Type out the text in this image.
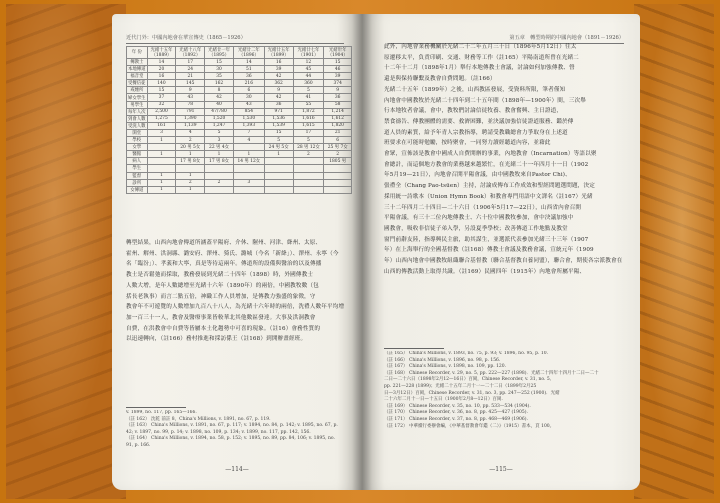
近代门外：中國內地會在華宣傳史（1865－1926）
年 份	光緒十五年（1889）	光緒十八年（1892）	光緒廿一年（1895）	光緒廿二年（1896）	光緒廿五年（1899）	光緒廿七年（1901）	光緒卅年（1904）
傳教士	14	17	15	14	16	12	15
本地傳道	20	24	30	51	39	45	46
福音堂	16	21	35	36	42	44	39
受餐信徒	140	145	162	216	362	360	374
戒煙所	15	9	8	6	9	5	9
婦女學生	37	43	42	30	42	41	36
男學生	32	78	40	43	36	55	58
每年人次	2,500	791	47/780	854	971	1,872	1,214
到會人數	1,275	1,390	1,520	1,530	1,536	1,616	1,612
受洗人數	161	1,139	1,247	1,393	1,539	1,615	1,820
開堂	3	4	5	7	15	17	21
學校	1	2	3	4	5	5	6
女學		20 男 5女	22 男 4女		24 男 5女	28 男 12女	25 男 7女
醫館	1	1	1	1	1	2	2
病人		17 男 8女	17 男 8女	14 男 12女			1805 男
學生							
監督	1	1					
診所	1	2	2	3			
女傳道	1	1					
轉型結果，山西內地會傳道所涵蓋平陽府、介休、隰州、河津、絳州、太原、
霍州、解州、洪洞縣、潞安府、澤州、猗氏、潞城（今名「新絳」）、澤州、永寧（今
名「臨汾」）、孝義和大寧，真是等待這兩年。傳道所的設備與醫治的以及傳播
教士是否鬆弛而採取，教務發展到光緒二十四年（1898）時，外國傳教士
人數大增，是年人數總增至光緒十六年（1890年）的兩倍，中國教牧數（包
括長老執事）而言二點五倍，神職工作人員增加，是傳教力強盛的象徵，守
教會年不可遊覽的人數增加九百八十八人，為光緒十六年時的兩倍，洗禮人數年平均增
加一百三十一人，教會及醫療事業皆較華北其他數區發達。大事及洪洞教會
自費，在洪教會中自費等皆屬本土化趨勢中可喜的現象。（註16）會務性質的
以迅速轉向，（註166）務村推進和採訪係王（註168）到開辦畫經班。
v. 1899, no. 117, pp. 165—166.
（註 162） 沈乾 前註 8，China's Millions, v. 1891, no. 67, p. 119.
（註 163） China's Millions, v. 1891, no. 67, p. 117; v. 1894, no. 84, p. 142; v. 1895, no. 67, p.
42; v. 1897, no. 99, p. 14; v. 1898, no. 109, p. 134; v. 1899, no. 117, pp. 142, 156.
（註 164） China's Millions, v. 1894, no. 58, p. 152; v. 1895, no. 89, pp. 84, 106; v. 1895, no.
91, p. 166.
—114—
第五章　轉型時期的中國內地會（1891－1926）
此外，內地會業務機關於光緒二十二年五月三十日（1896年5月12日）往太
原遷移太平，負責印刷、交通、財務等工作（註165）平陽南道所曾在光緒二
十二年十二月（1898年1月）舉行本地傳教士會議，討論如何加強傳教、營
還是與保持聯繫及教會自費問題。（註166）
光緒二十五年（1899年）之後，山西教區發展，受資料所限，筆者僅知
內地會中國教牧於光緒二十四年到二十五年間（1898年—1900年）間，三次舉
行本地牧者會議，會中，教牧們討論信徒牧養、教會奮興、主日證道，
禁食禱告、傳教團體的需要、救濟困難，並決議加強信徒證道服務、鑑於傳
道人員的素質，給予年青人宗教指導，聘請受教職總會力爭取身在上述道
班要求在可能時勉勵，按時聚會，一同努力讀經聽道內容，並藉此
會眾，宣佈該是教會中國成人自費開辦的事業，內地教會（Incarnation）等語以聚
會總計，而這個地方教會的業務越來越繁忙，在光緒二十一年四月十一日（1902
年5月19—21日），內地會召開平陽會議，由中國教牧來自Pastor Chi)、
張禮全（Chang Pao-tsüen）主持，討論成傳布工作成效和聖經問題選問題，決定
採用統一詩歌本（Union Hymn Book）和教會專門用語中文譯名（註167）光緒
三十二年四月二十四日—二十六日（1906年5月17—22日），山西省內會召開
平陽會議，有三十二位內地傳教士、六十位中國教牧參加，會中決議加強中
國教會，吸收非信徒子弟入學，另設夏季學校；改善傳道工作地點及教堂
窗門前辭友陸，指導興民主旅，助其謀生，並選派代表參加光緒三十三年（1907
年）在上海舉行的全國基督教（註168）傳教士會議及教務會議，宣統元年（1909
年）山西內地會中國教牧組織聯合基督教（聯合基督教自養同盟），聯合會，期使各宗派教會在
山西的傳教活動上取得共識。（註169）民國四年（1915年）內地會所屬平陽、
（註 165） China's Millions, v. 1893, no. 75, p. 93; v. 1896, no. 95, p. 10.
（註 166） China's Millions, v. 1896, no. 98, p. 156.
（註 167） China's Millions, v. 1898, no. 109, pp. 120.
（註 168） Chinese Recorder, v. 29, no. 5, pp. 222—227 (1898)．光緒二十四年十四月十二日—二十
二日—二十六日（1898年2月12—16日）百岡，Chinese Recorder, v. 31, no. 5,
pp. 221—228 (1899)；光緒二十五年二月十一—二十二日（1899年2月25
日—3月12日）百岡，Chinese Recorder, v. 31, no. 3, pp. 247—252 (1900)．光緒
二十六年二月十一日—十五日（1900年2月8—12日）百岡.
（註 169） Chinese Recorder, v. 35, no. 10, pp. 533—534 (1904).
（註 170） Chinese Recorder, v. 36, no. 8, pp. 425—427 (1905).
（註 171） Chinese Recorder, v. 37, no. 8, pp. 468—469 (1906).
（註 172） 中華續行委辦會編，《中華基督教會年鑑（二）》（1915）書本，頁 100。
—115—
